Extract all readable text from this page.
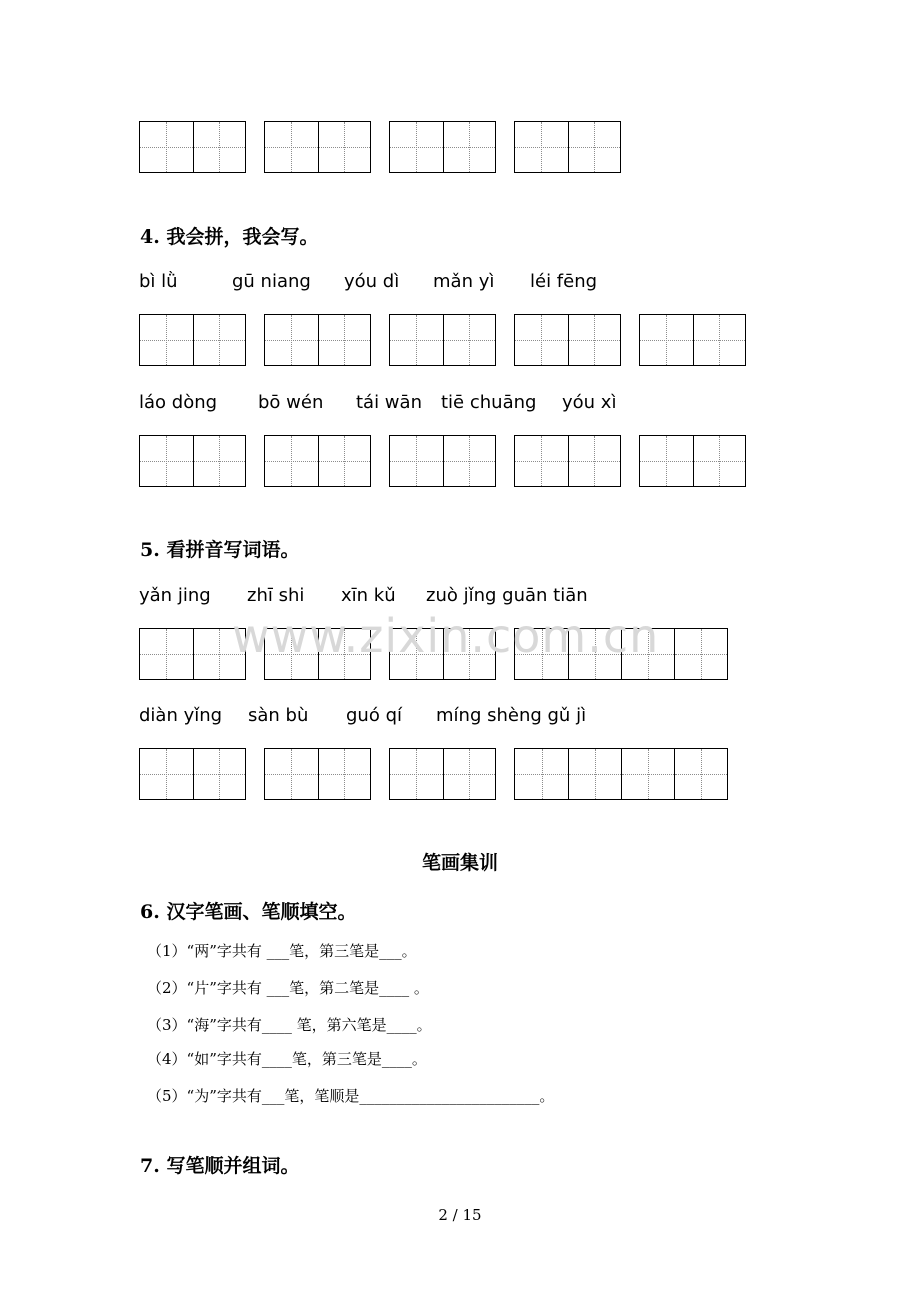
4. 我会拼，我会写。
bì lǜ	gū niang yóu dì mǎn yì léi fēng
láo dòng bō wén tái wān tiē chuāng yóu xì
5. 看拼音写词语。
yǎn jing zhī shi xīn kǔ zuò jǐng guān tiān
diàn yǐng sàn bù guó qí míng shèng gǔ jì
www.zixin.com.cn
笔画集训
6. 汉字笔画、笔顺填空。
（1）“两”字共有 ___笔，第三笔是___。
（2）“片”字共有 ___笔，第二笔是____ 。
（3）“海”字共有____ 笔，第六笔是____。
（4）“如”字共有____笔，第三笔是____。
（5）“为”字共有___笔，笔顺是________________________。
7. 写笔顺并组词。
2 / 15
